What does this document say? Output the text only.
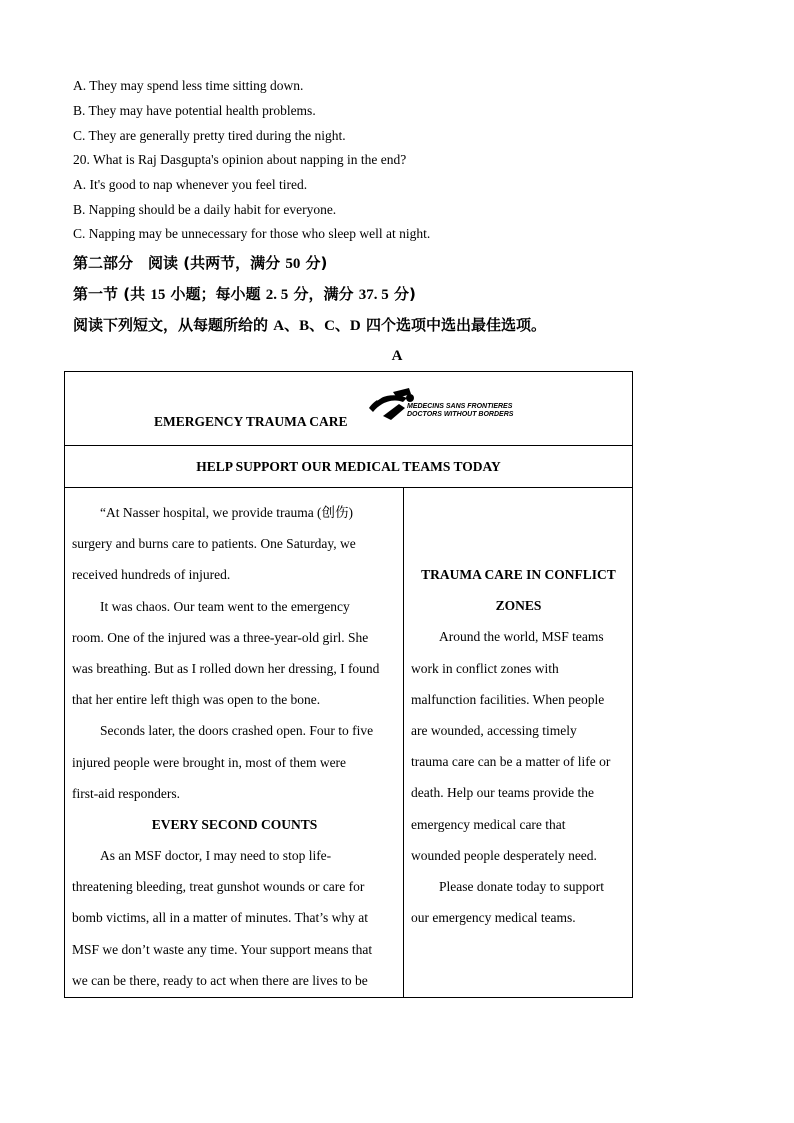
A. They may spend less time sitting down.
B. They may have potential health problems.
C. They are generally pretty tired during the night.
20. What is Raj Dasgupta's opinion about napping in the end?
A. It's good to nap whenever you feel tired.
B. Napping should be a daily habit for everyone.
C. Napping may be unnecessary for those who sleep well at night.
第二部分　阅读 (共两节，满分 50 分)
第一节 (共 15 小题；每小题 2. 5 分，满分 37. 5 分)
阅读下列短文，从每题所给的 A、B、C、D 四个选项中选出最佳选项。
A
EMERGENCY TRAUMA CARE
MEDECINS SANS FRONTIERES
DOCTORS WITHOUT BORDERS
HELP SUPPORT OUR MEDICAL TEAMS TODAY
“At Nasser hospital, we provide trauma (创伤)
surgery and burns care to patients. One Saturday, we
received hundreds of injured.
It was chaos. Our team went to the emergency
room. One of the injured was a three-year-old girl. She
was breathing. But as I rolled down her dressing, I found
that her entire left thigh was open to the bone.
Seconds later, the doors crashed open. Four to five
injured people were brought in, most of them were
first-aid responders.
EVERY SECOND COUNTS
As an MSF doctor, I may need to stop life-
threatening bleeding, treat gunshot wounds or care for
bomb victims, all in a matter of minutes. That’s why at
MSF we don’t waste any time. Your support means that
we can be there, ready to act when there are lives to be
TRAUMA CARE IN CONFLICT
ZONES
Around the world, MSF teams
work in conflict zones with
malfunction facilities. When people
are wounded, accessing timely
trauma care can be a matter of life or
death. Help our teams provide the
emergency medical care that
wounded people desperately need.
Please donate today to support
our emergency medical teams.
